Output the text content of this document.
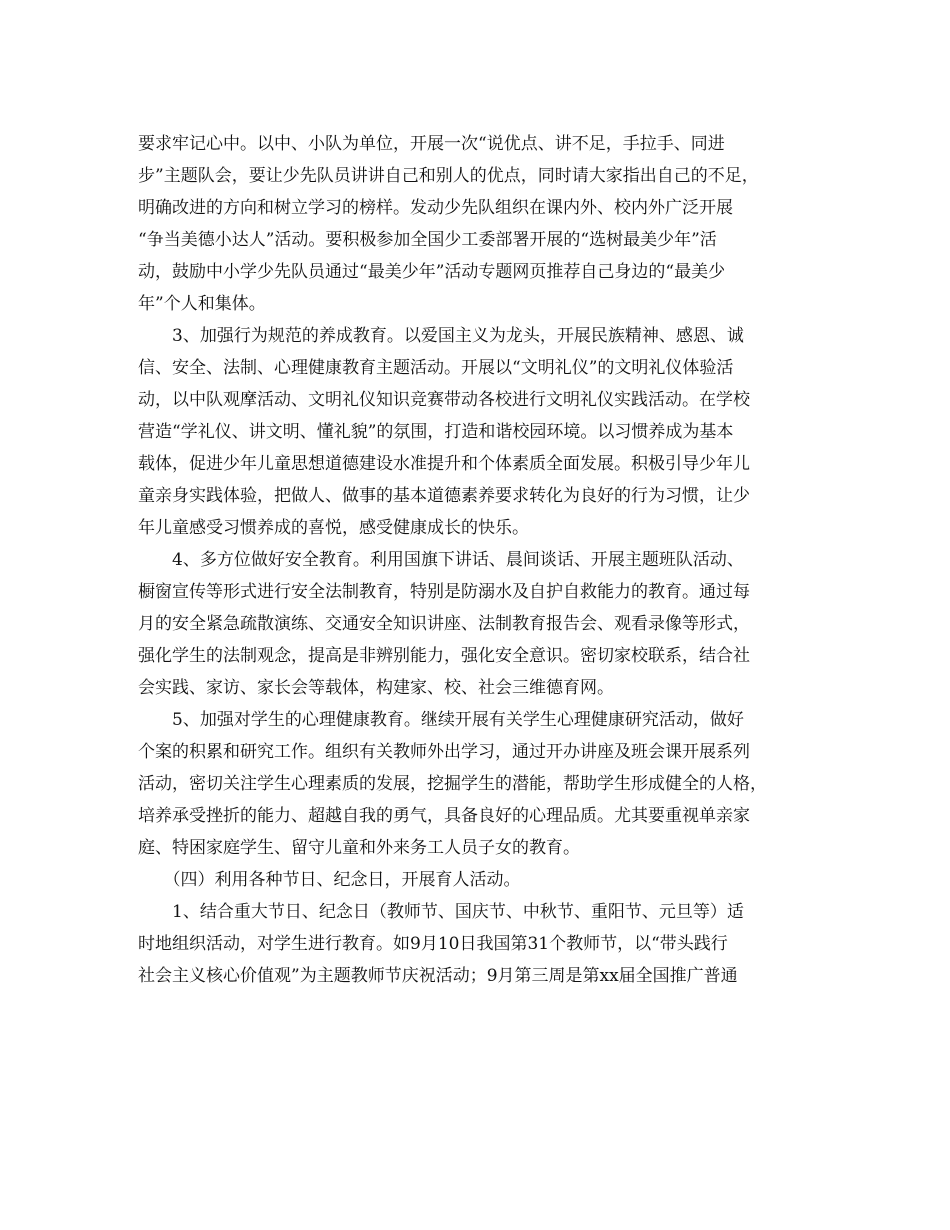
要求牢记心中。以中、小队为单位，开展一次“说优点、讲不足，手拉手、同进
步”主题队会，要让少先队员讲讲自己和别人的优点，同时请大家指出自己的不足，
明确改进的方向和树立学习的榜样。发动少先队组织在课内外、校内外广泛开展
“争当美德小达人”活动。要积极参加全国少工委部署开展的“选树最美少年”活
动，鼓励中小学少先队员通过“最美少年”活动专题网页推荐自己身边的“最美少
年”个人和集体。
　　3、加强行为规范的养成教育。以爱国主义为龙头，开展民族精神、感恩、诚
信、安全、法制、心理健康教育主题活动。开展以“文明礼仪”的文明礼仪体验活
动，以中队观摩活动、文明礼仪知识竞赛带动各校进行文明礼仪实践活动。在学校
营造“学礼仪、讲文明、懂礼貌”的氛围，打造和谐校园环境。以习惯养成为基本
载体，促进少年儿童思想道德建设水准提升和个体素质全面发展。积极引导少年儿
童亲身实践体验，把做人、做事的基本道德素养要求转化为良好的行为习惯，让少
年儿童感受习惯养成的喜悦，感受健康成长的快乐。
　　4、多方位做好安全教育。利用国旗下讲话、晨间谈话、开展主题班队活动、
橱窗宣传等形式进行安全法制教育，特别是防溺水及自护自救能力的教育。通过每
月的安全紧急疏散演练、交通安全知识讲座、法制教育报告会、观看录像等形式，
强化学生的法制观念，提高是非辨别能力，强化安全意识。密切家校联系，结合社
会实践、家访、家长会等载体，构建家、校、社会三维德育网。
　　5、加强对学生的心理健康教育。继续开展有关学生心理健康研究活动，做好
个案的积累和研究工作。组织有关教师外出学习，通过开办讲座及班会课开展系列
活动，密切关注学生心理素质的发展，挖掘学生的潜能，帮助学生形成健全的人格，
培养承受挫折的能力、超越自我的勇气，具备良好的心理品质。尤其要重视单亲家
庭、特困家庭学生、留守儿童和外来务工人员子女的教育。
　　（四）利用各种节日、纪念日，开展育人活动。
　　1、结合重大节日、纪念日（教师节、国庆节、中秋节、重阳节、元旦等）适
时地组织活动，对学生进行教育。如9月10日我国第31个教师节，以“带头践行
社会主义核心价值观”为主题教师节庆祝活动；9月第三周是第xx届全国推广普通
